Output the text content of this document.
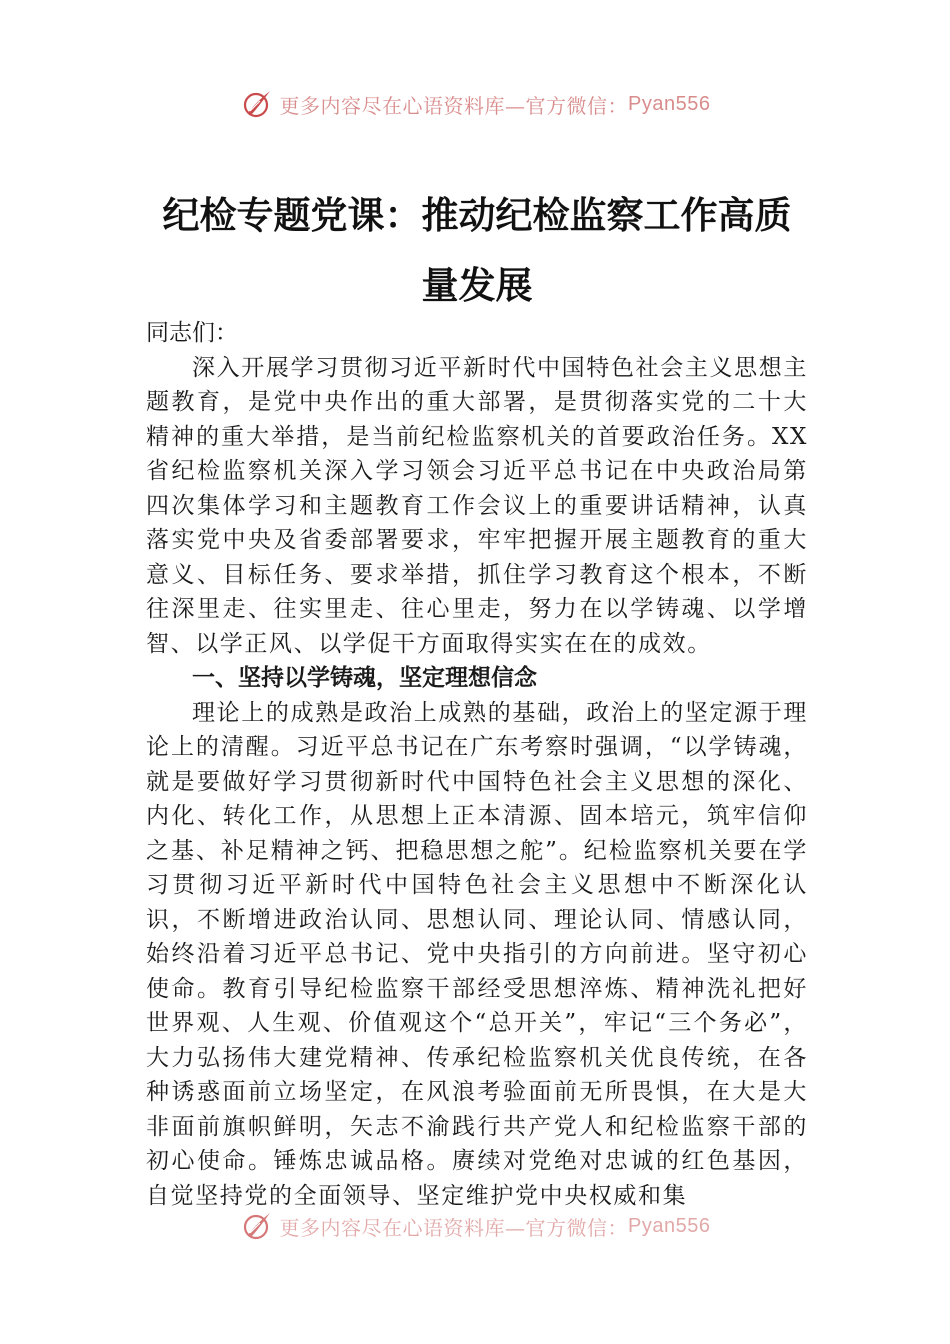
更多内容尽在心语资料库—官方微信： Pyan556
纪检专题党课：推动纪检监察工作高质量发展

同志们：

深入开展学习贯彻习近平新时代中国特色社会主义思想主题教育，是党中央作出的重大部署，是贯彻落实党的二十大精神的重大举措，是当前纪检监察机关的首要政治任务。XX省纪检监察机关深入学习领会习近平总书记在中央政治局第四次集体学习和主题教育工作会议上的重要讲话精神，认真落实党中央及省委部署要求，牢牢把握开展主题教育的重大意义、目标任务、要求举措，抓住学习教育这个根本，不断往深里走、往实里走、往心里走，努力在以学铸魂、以学增智、以学正风、以学促干方面取得实实在在的成效。

一、坚持以学铸魂，坚定理想信念

理论上的成熟是政治上成熟的基础，政治上的坚定源于理论上的清醒。习近平总书记在广东考察时强调，“以学铸魂，就是要做好学习贯彻新时代中国特色社会主义思想的深化、内化、转化工作，从思想上正本清源、固本培元，筑牢信仰之基、补足精神之钙、把稳思想之舵”。纪检监察机关要在学习贯彻习近平新时代中国特色社会主义思想中不断深化认识，不断增进政治认同、思想认同、理论认同、情感认同，始终沿着习近平总书记、党中央指引的方向前进。坚守初心使命。教育引导纪检监察干部经受思想淬炼、精神洗礼把好世界观、人生观、价值观这个“总开关”，牢记“三个务必”，大力弘扬伟大建党精神、传承纪检监察机关优良传统，在各种诱惑面前立场坚定，在风浪考验面前无所畏惧，在大是大非面前旗帜鲜明，矢志不渝践行共产党人和纪检监察干部的初心使命。锤炼忠诚品格。赓续对党绝对忠诚的红色基因，自觉坚持党的全面领导、坚定维护党中央权威和集

更多内容尽在心语资料库—官方微信： Pyan556
